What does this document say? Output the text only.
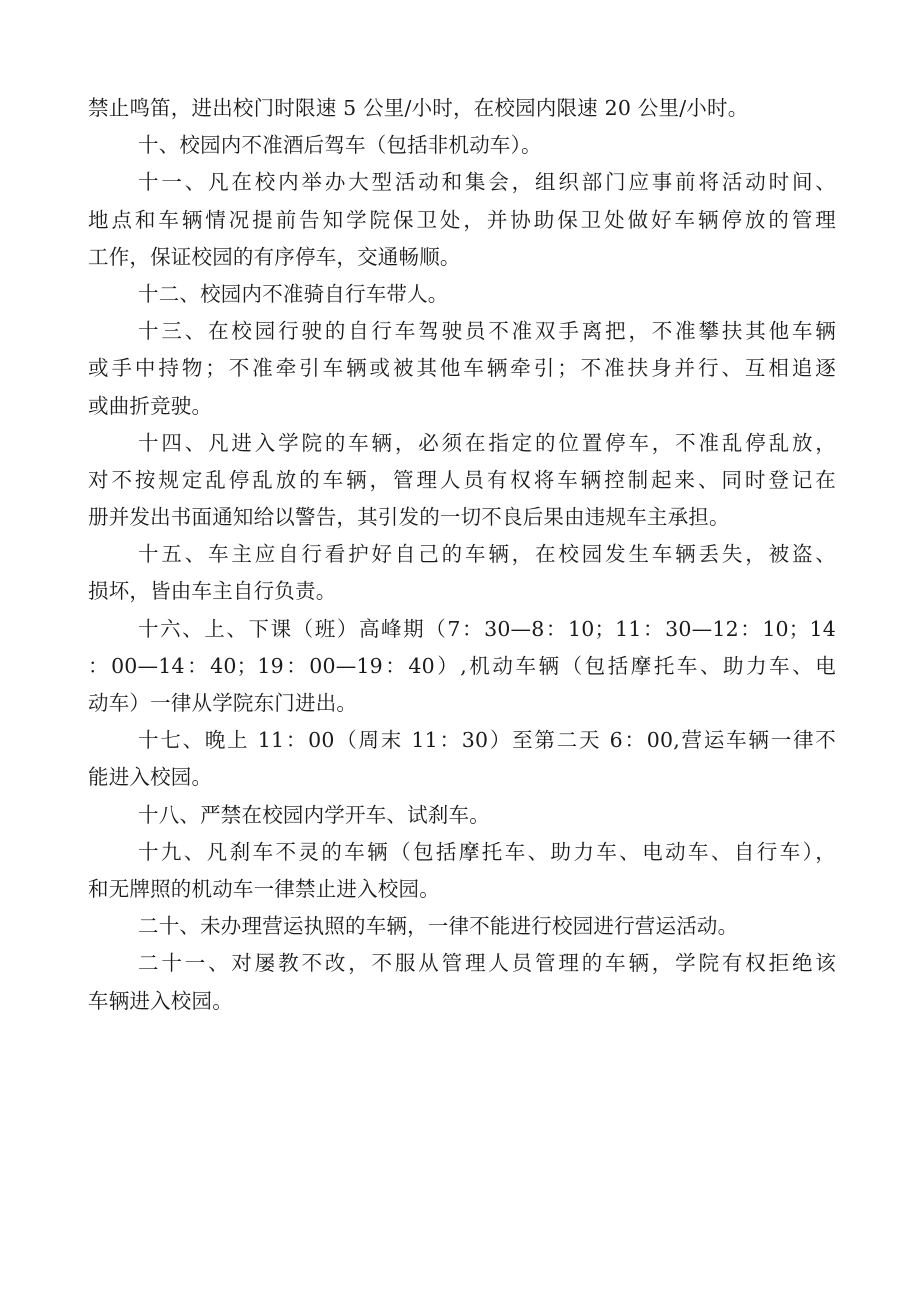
禁止鸣笛，进出校门时限速 5 公里/小时，在校园内限速 20 公里/小时。
十、校园内不准酒后驾车（包括非机动车）。
十一、凡在校内举办大型活动和集会，组织部门应事前将活动时间、
地点和车辆情况提前告知学院保卫处，并协助保卫处做好车辆停放的管理
工作，保证校园的有序停车，交通畅顺。
十二、校园内不准骑自行车带人。
十三、在校园行驶的自行车驾驶员不准双手离把，不准攀扶其他车辆
或手中持物；不准牵引车辆或被其他车辆牵引；不准扶身并行、互相追逐
或曲折竞驶。
十四、凡进入学院的车辆，必须在指定的位置停车，不准乱停乱放，
对不按规定乱停乱放的车辆，管理人员有权将车辆控制起来、同时登记在
册并发出书面通知给以警告，其引发的一切不良后果由违规车主承担。
十五、车主应自行看护好自己的车辆，在校园发生车辆丢失，被盗、
损坏，皆由车主自行负责。
十六、上、下课（班）高峰期（7：30—8：10；11：30—12：10；14
：00—14：40；19：00—19：40）,机动车辆（包括摩托车、助力车、电
动车）一律从学院东门进出。
十七、晚上 11：00（周末 11：30）至第二天 6：00,营运车辆一律不
能进入校园。
十八、严禁在校园内学开车、试刹车。
十九、凡刹车不灵的车辆（包括摩托车、助力车、电动车、自行车），
和无牌照的机动车一律禁止进入校园。
二十、未办理营运执照的车辆，一律不能进行校园进行营运活动。
二十一、对屡教不改，不服从管理人员管理的车辆，学院有权拒绝该
车辆进入校园。
